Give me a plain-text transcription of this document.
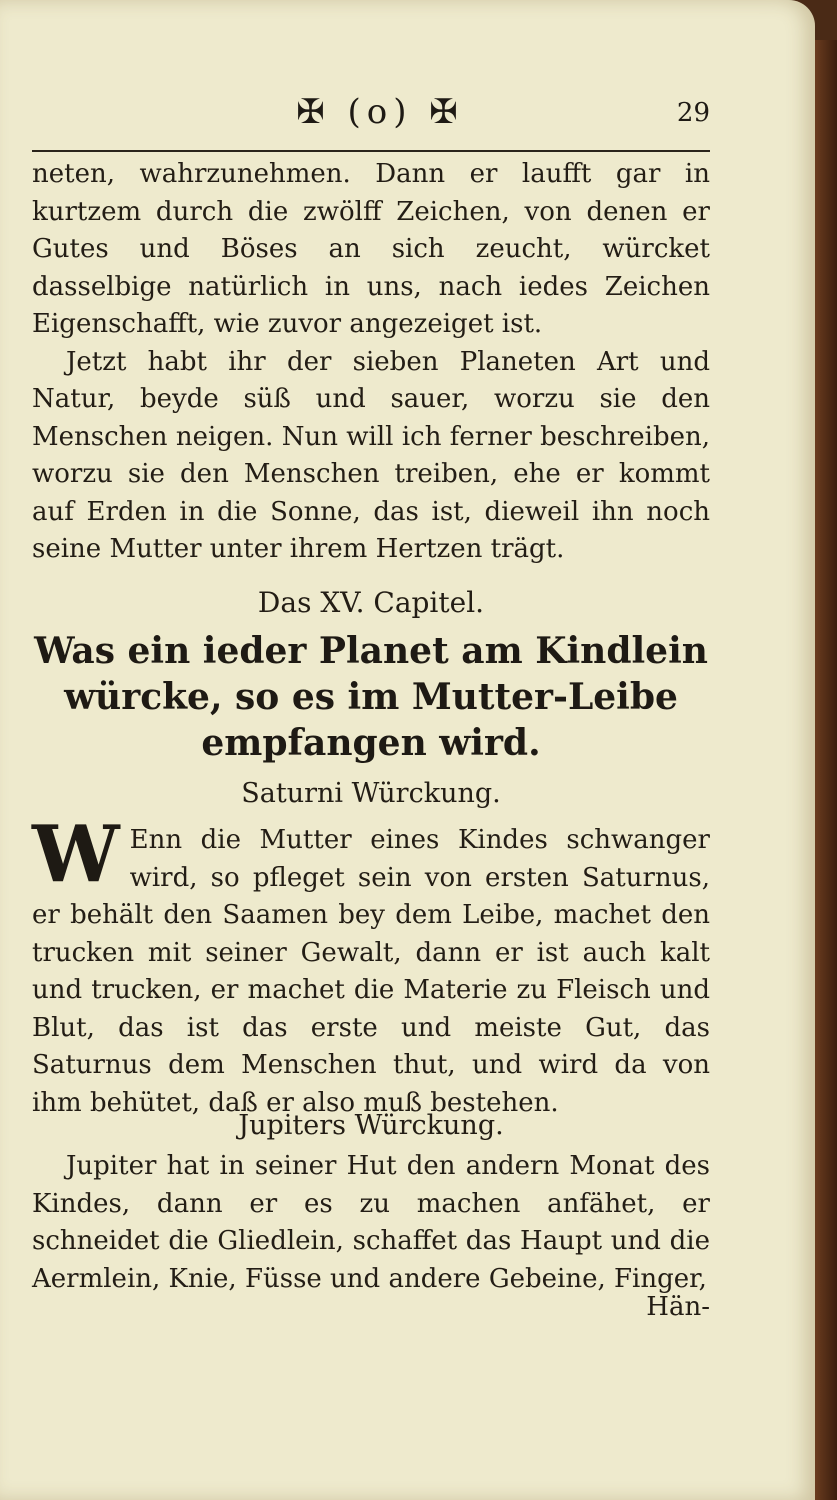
✠ (o) ✠	29

neten, wahrzunehmen. Dann er laufft gar in kurtzem durch die zwölff Zeichen, von denen er Gutes und Böses an sich zeucht, würcket dasselbige natürlich in uns, nach iedes Zeichen Eigenschafft, wie zuvor angezeiget ist.

Jetzt habt ihr der sieben Planeten Art und Natur, beyde süß und sauer, worzu sie den Menschen neigen. Nun will ich ferner beschreiben, worzu sie den Menschen treiben, ehe er kommt auf Erden in die Sonne, das ist, dieweil ihn noch seine Mutter unter ihrem Hertzen trägt.

Das XV. Capitel.
Was ein ieder Planet am Kindlein würcke, so es im Mutter-Leibe empfangen wird.
Saturni Würckung.

W Enn die Mutter eines Kindes schwanger wird, so pfleget sein von ersten Saturnus, er behält den Saamen bey dem Leibe, machet den trucken mit seiner Gewalt, dann er ist auch kalt und trucken, er machet die Materie zu Fleisch und Blut, das ist das erste und meiste Gut, das Saturnus dem Menschen thut, und wird da von ihm behütet, daß er also muß bestehen.

Jupiters Würckung.

Jupiter hat in seiner Hut den andern Monat des Kindes, dann er es zu machen anfähet, er schneidet die Gliedlein, schaffet das Haupt und die Aermlein, Knie, Füsse und andere Gebeine, Finger,

Hän-
